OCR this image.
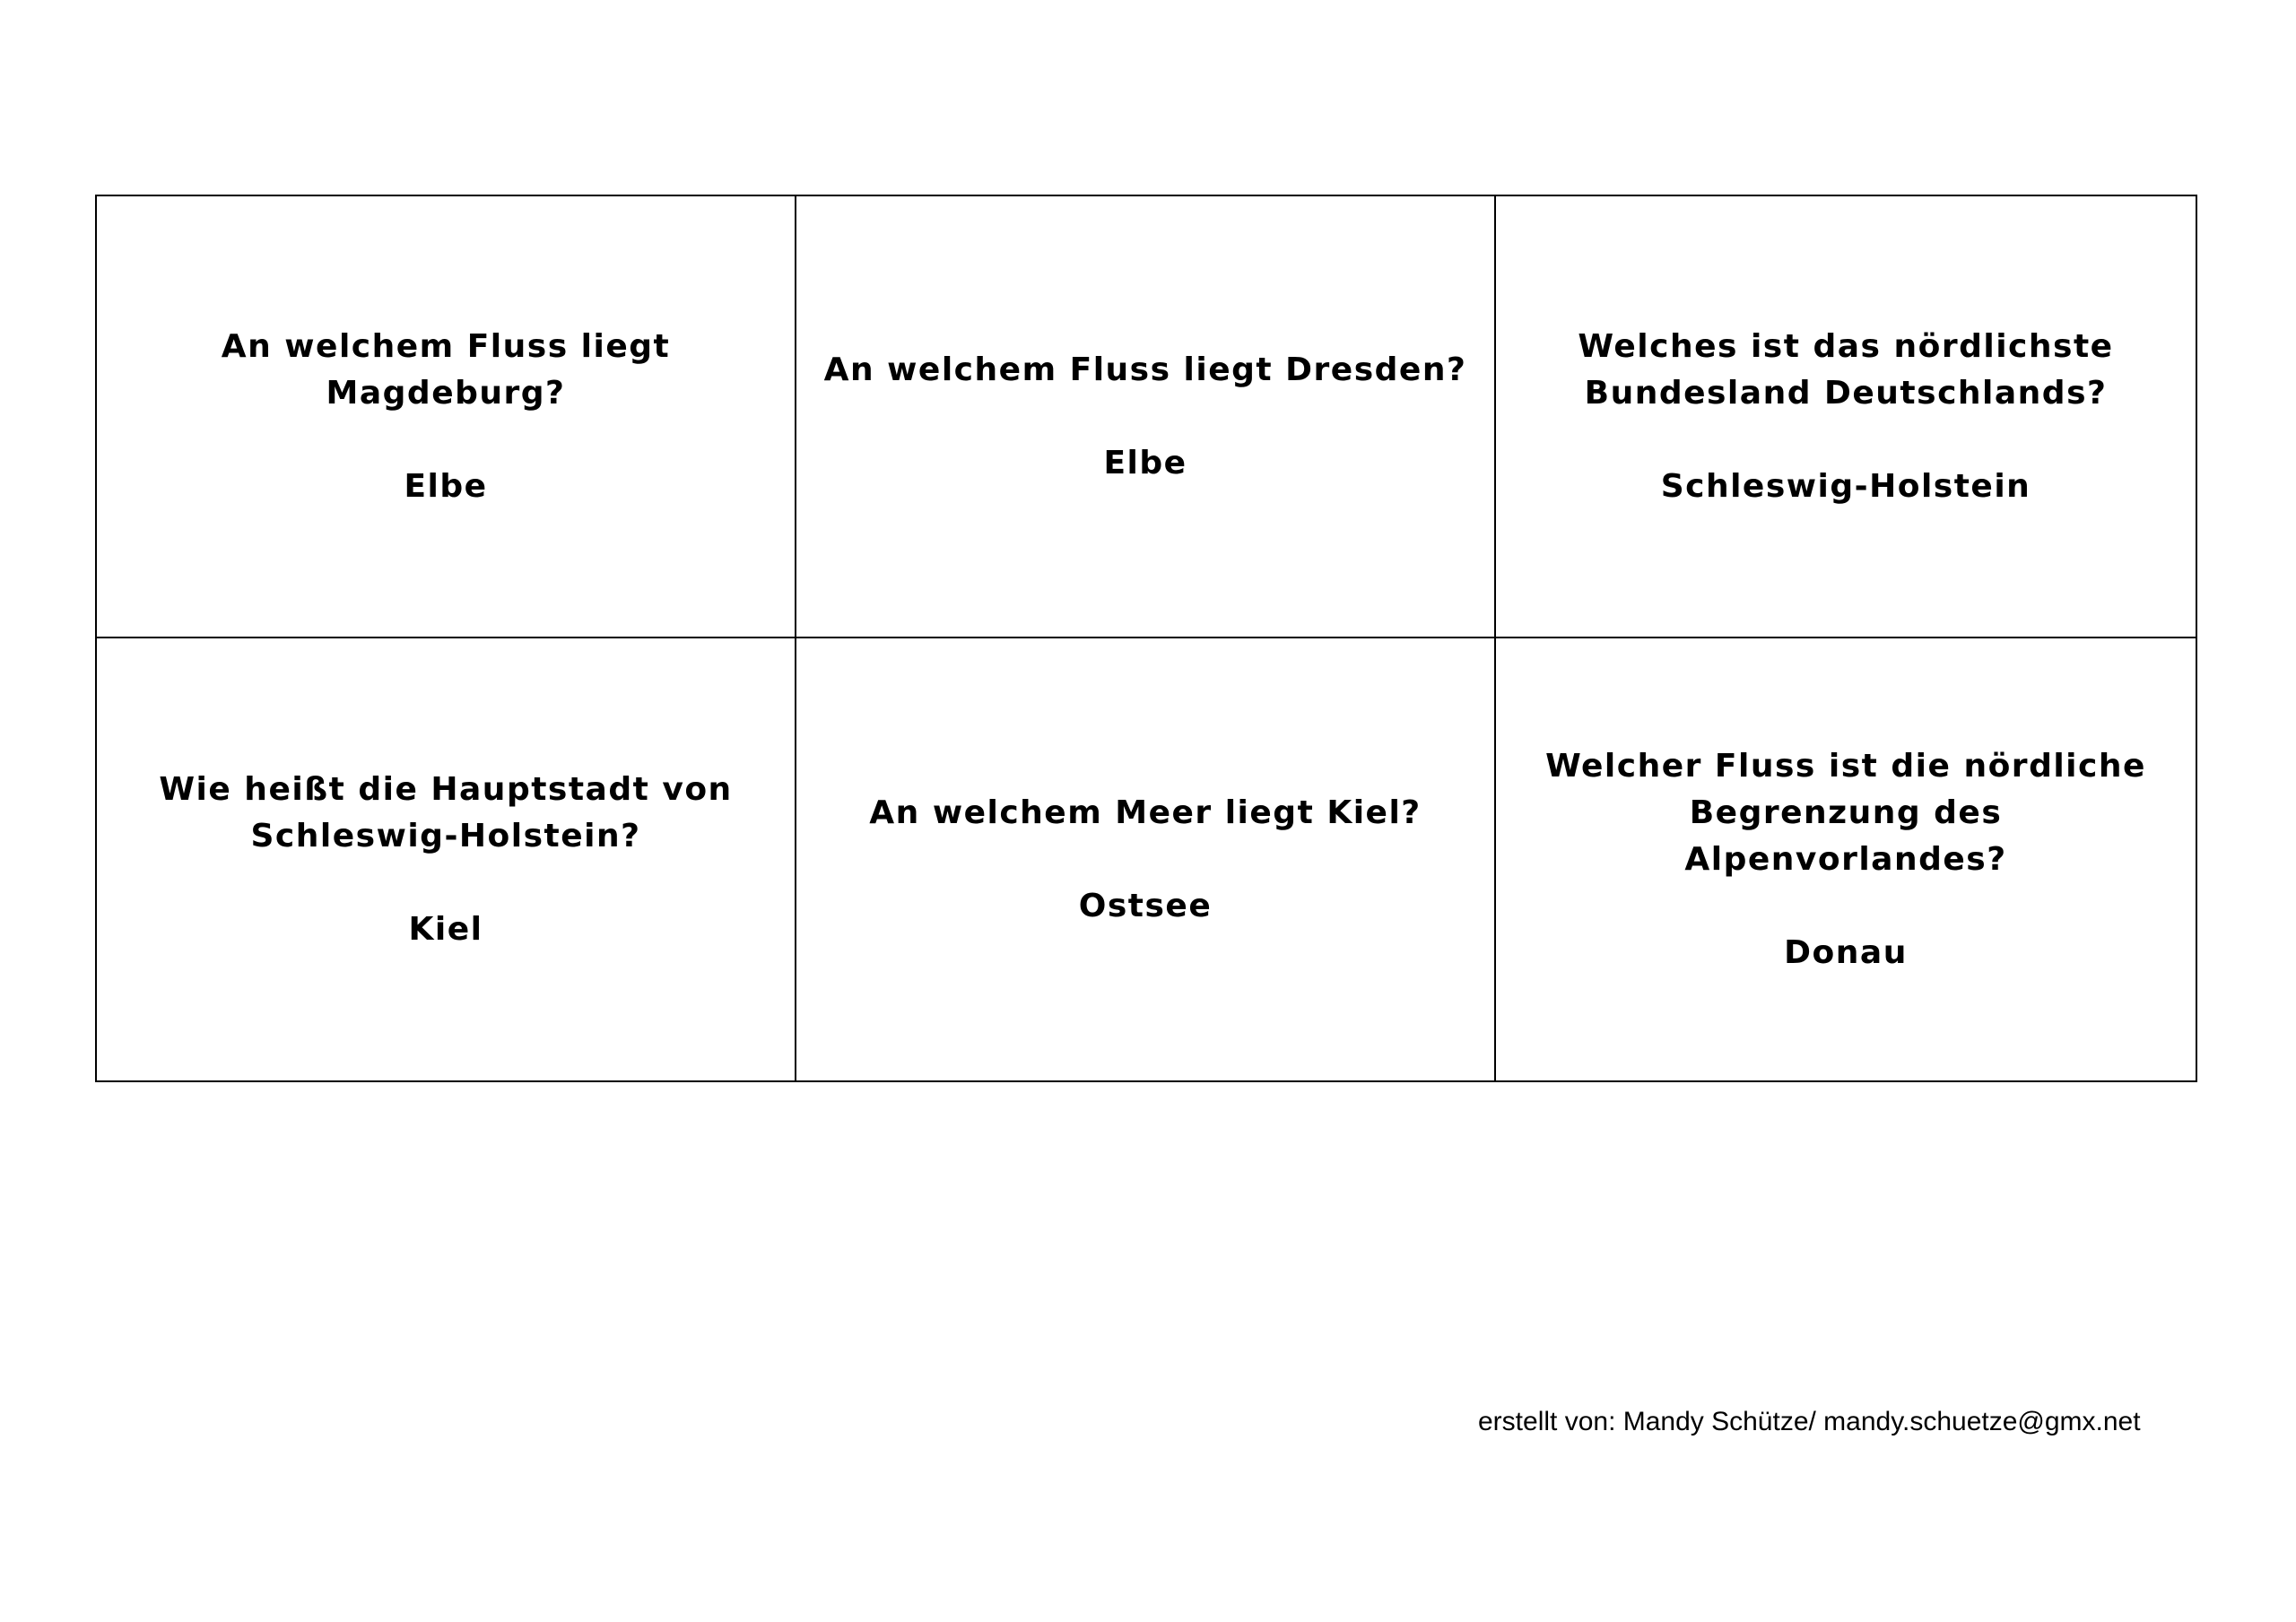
An welchem Fluss liegt Magdeburg?
Elbe
An welchem Fluss liegt Dresden?
Elbe
Welches ist das nördlichste Bundesland Deutschlands?
Schleswig-Holstein
Wie heißt die Hauptstadt von Schleswig-Holstein?
Kiel
An welchem Meer liegt Kiel?
Ostsee
Welcher Fluss ist die nördliche Begrenzung des Alpenvorlandes?
Donau
erstellt von: Mandy Schütze/ mandy.schuetze@gmx.net
